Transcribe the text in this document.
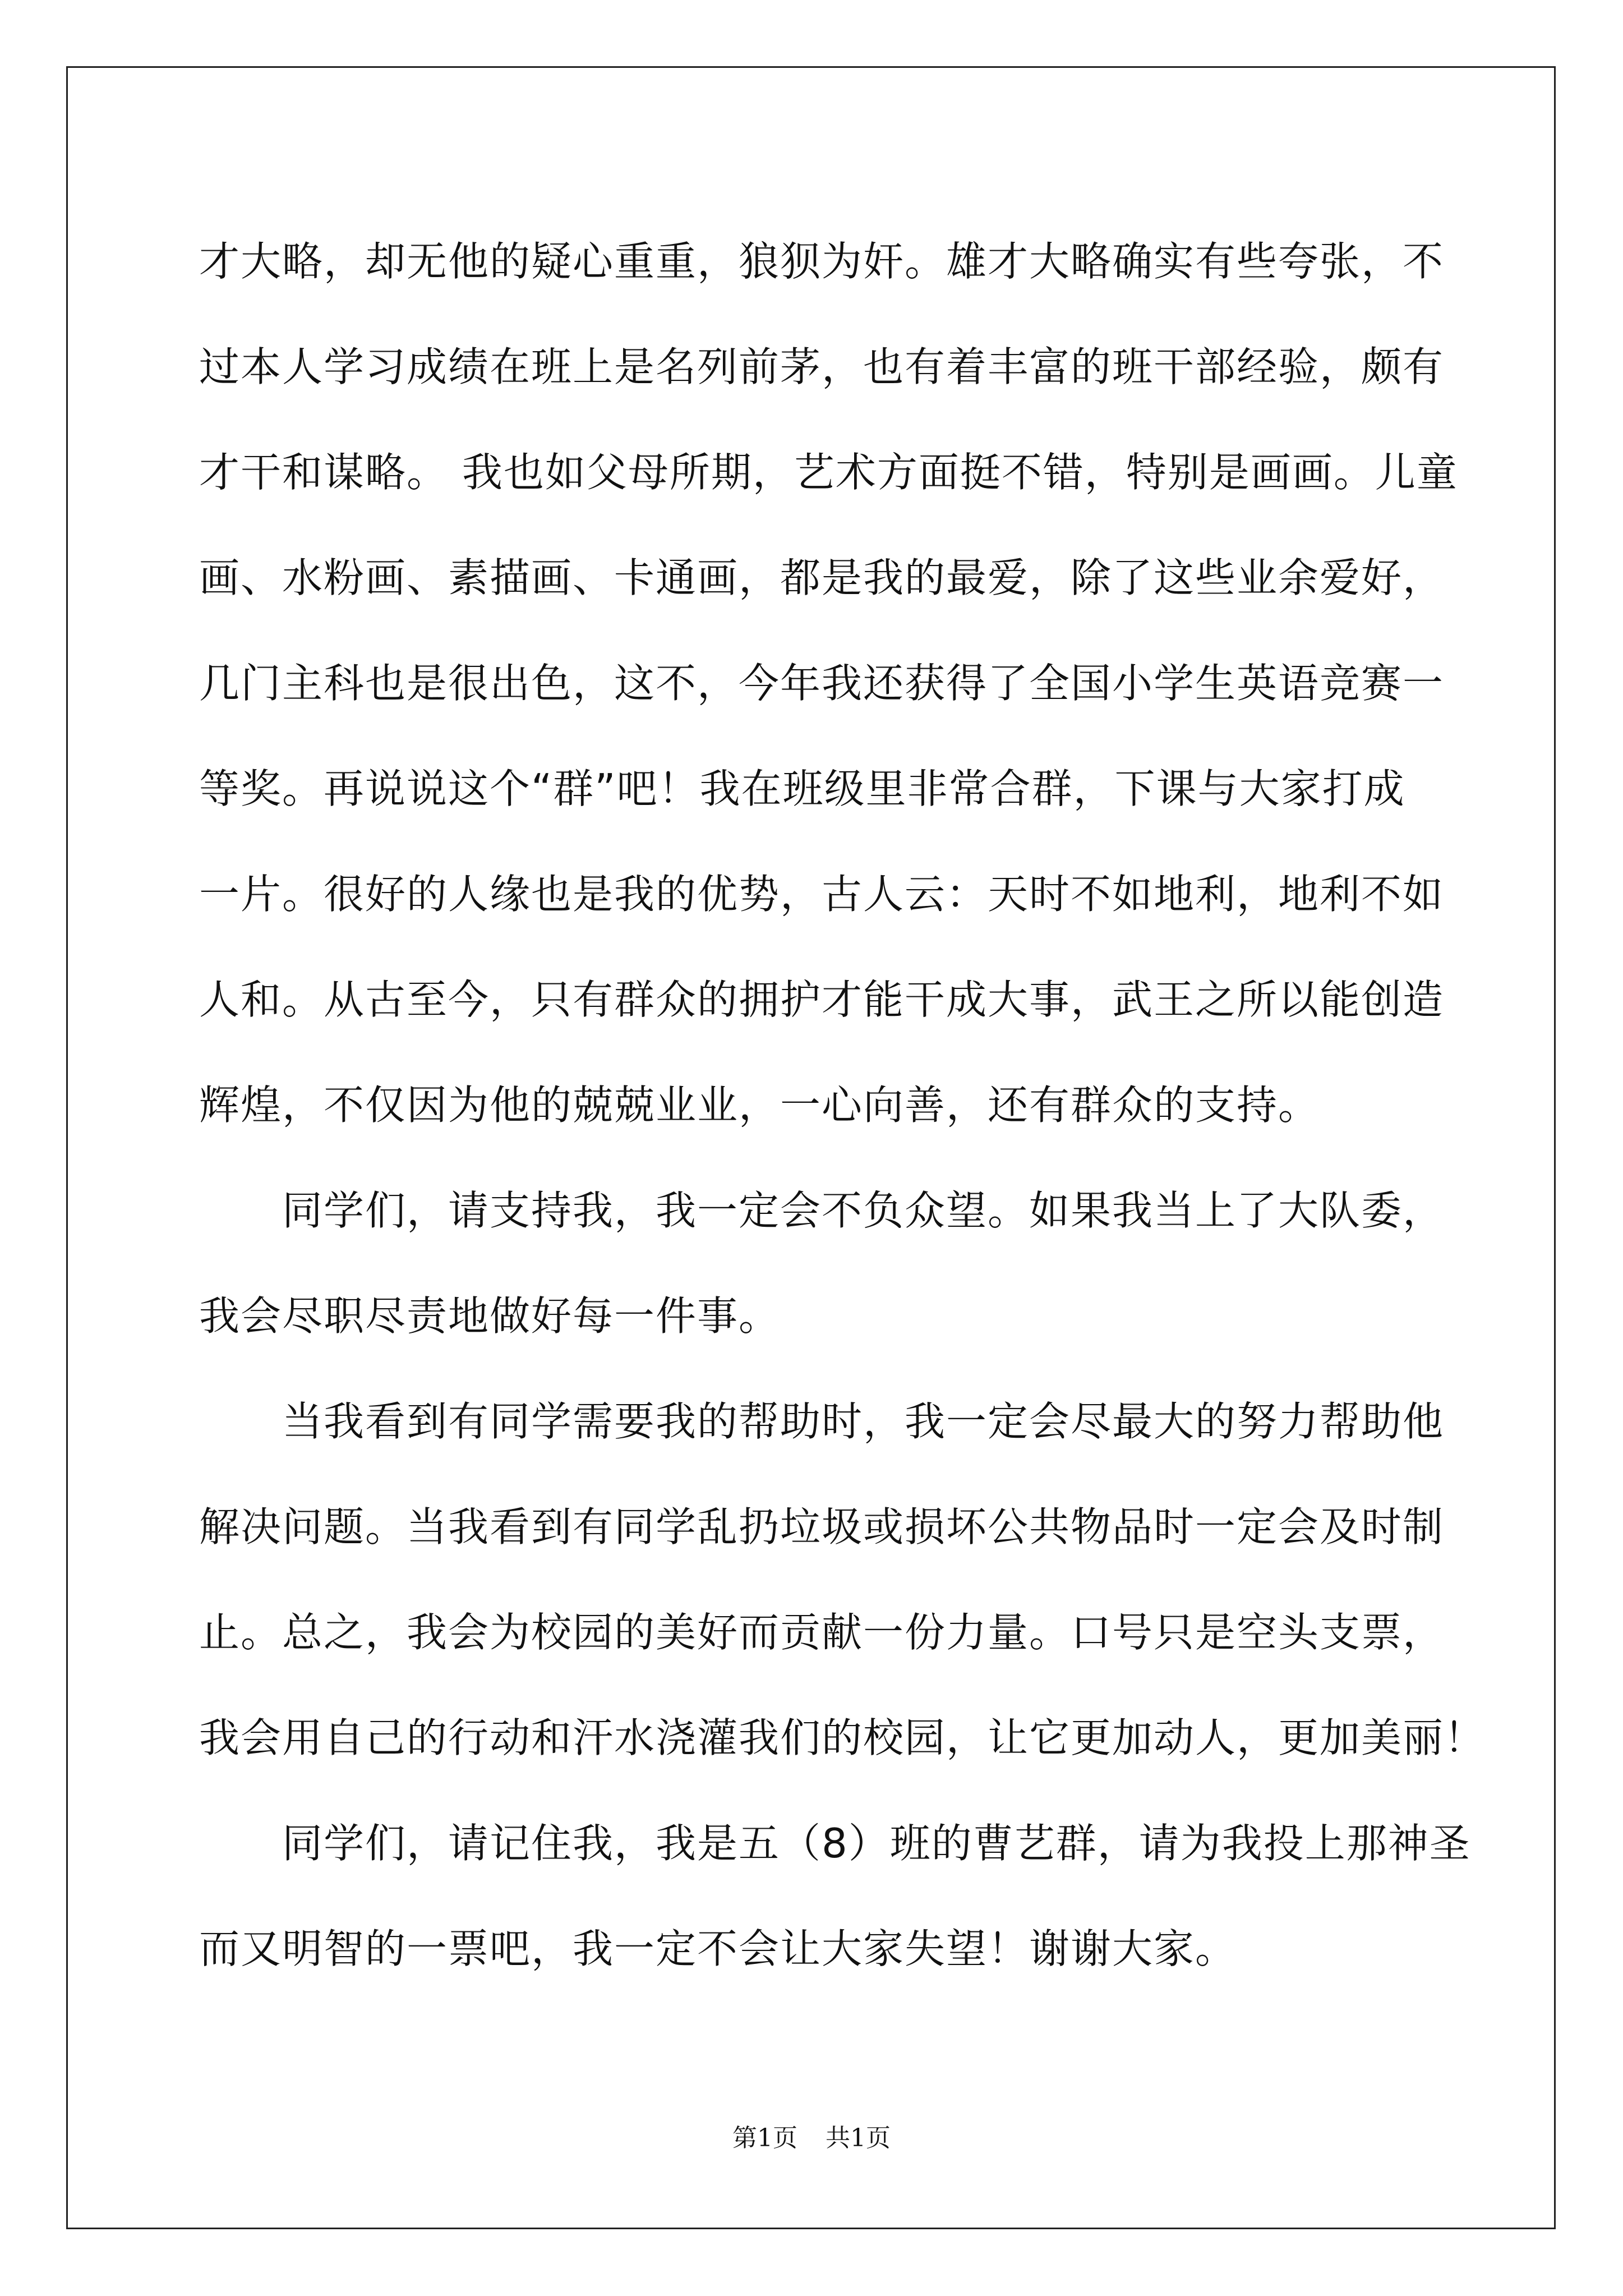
才大略，却无他的疑心重重，狼狈为奸。雄才大略确实有些夸张，不
过本人学习成绩在班上是名列前茅，也有着丰富的班干部经验，颇有
才干和谋略。 我也如父母所期，艺术方面挺不错，特别是画画。儿童
画、水粉画、素描画、卡通画，都是我的最爱，除了这些业余爱好，
几门主科也是很出色，这不，今年我还获得了全国小学生英语竞赛一
等奖。再说说这个“群”吧！我在班级里非常合群，下课与大家打成
一片。很好的人缘也是我的优势，古人云：天时不如地利，地利不如
人和。从古至今，只有群众的拥护才能干成大事，武王之所以能创造
辉煌，不仅因为他的兢兢业业，一心向善，还有群众的支持。
同学们，请支持我，我一定会不负众望。如果我当上了大队委，
我会尽职尽责地做好每一件事。
当我看到有同学需要我的帮助时，我一定会尽最大的努力帮助他
解决问题。当我看到有同学乱扔垃圾或损坏公共物品时一定会及时制
止。总之，我会为校园的美好而贡献一份力量。口号只是空头支票，
我会用自己的行动和汗水浇灌我们的校园，让它更加动人，更加美丽！
同学们，请记住我，我是五（8）班的曹艺群，请为我投上那神圣
而又明智的一票吧，我一定不会让大家失望！谢谢大家。
第1页 共1页
